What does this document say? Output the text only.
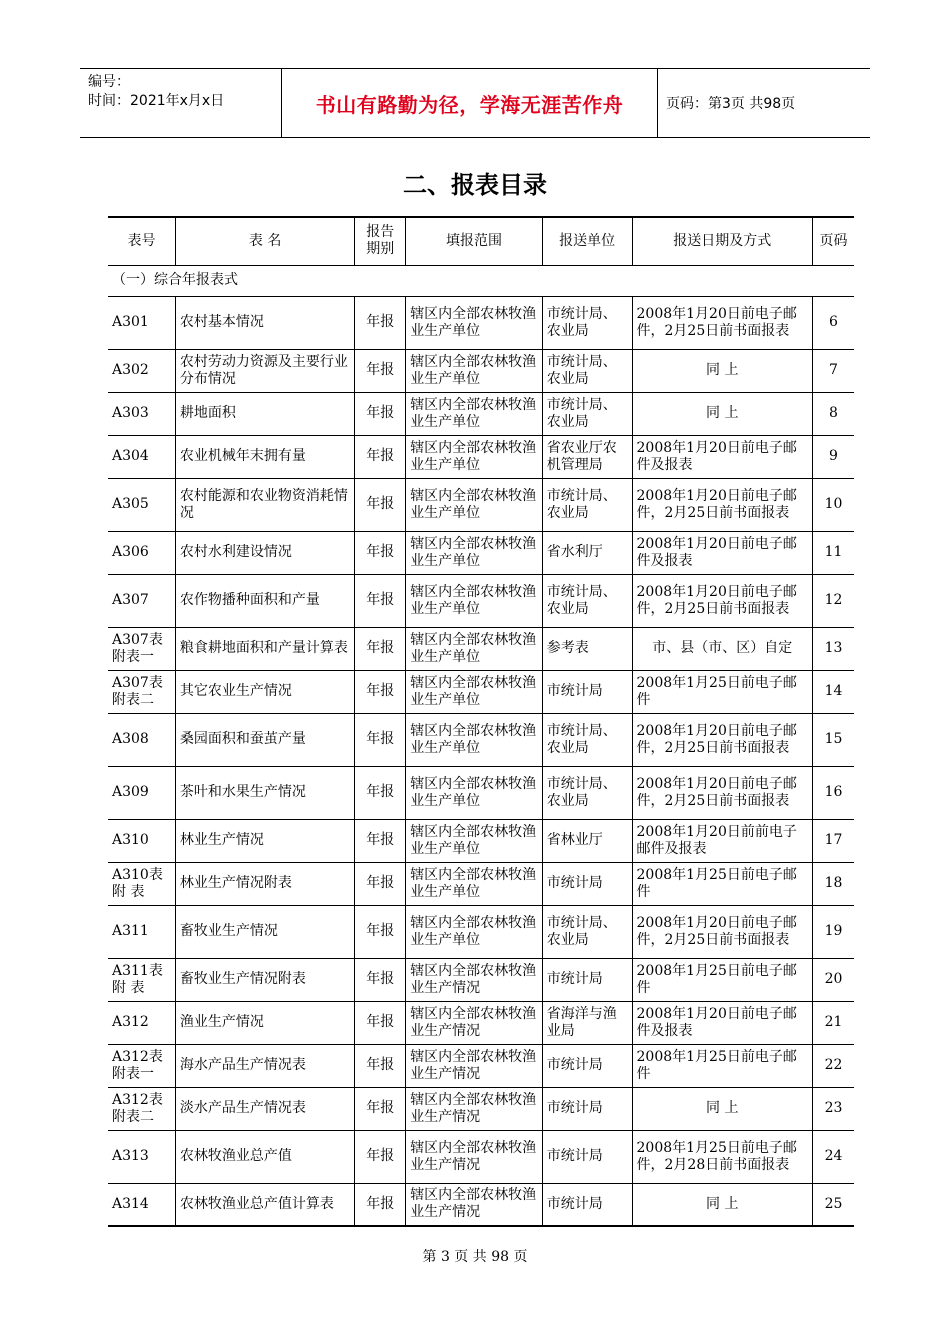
编号：
时间：2021年x月x日	书山有路勤为径，学海无涯苦作舟	页码：第3页 共98页
二、报表目录
表号	表 名	报告期别	填报范围	报送单位	报送日期及方式	页码
（一）综合年报表式						
A301	农村基本情况	年报	辖区内全部农林牧渔业生产单位	市统计局、农业局	2008年1月20日前电子邮件，2月25日前书面报表	6
A302	农村劳动力资源及主要行业分布情况	年报	辖区内全部农林牧渔业生产单位	市统计局、农业局	同 上	7
A303	耕地面积	年报	辖区内全部农林牧渔业生产单位	市统计局、农业局	同 上	8
A304	农业机械年末拥有量	年报	辖区内全部农林牧渔业生产单位	省农业厅农机管理局	2008年1月20日前电子邮件及报表	9
A305	农村能源和农业物资消耗情况	年报	辖区内全部农林牧渔业生产单位	市统计局、农业局	2008年1月20日前电子邮件，2月25日前书面报表	10
A306	农村水利建设情况	年报	辖区内全部农林牧渔业生产单位	省水利厅	2008年1月20日前电子邮件及报表	11
A307	农作物播种面积和产量	年报	辖区内全部农林牧渔业生产单位	市统计局、农业局	2008年1月20日前电子邮件，2月25日前书面报表	12
A307表附表一	粮食耕地面积和产量计算表	年报	辖区内全部农林牧渔业生产单位	参考表	市、县（市、区）自定	13
A307表附表二	其它农业生产情况	年报	辖区内全部农林牧渔业生产单位	市统计局	2008年1月25日前电子邮件	14
A308	桑园面积和蚕茧产量	年报	辖区内全部农林牧渔业生产单位	市统计局、农业局	2008年1月20日前电子邮件，2月25日前书面报表	15
A309	茶叶和水果生产情况	年报	辖区内全部农林牧渔业生产单位	市统计局、农业局	2008年1月20日前电子邮件，2月25日前书面报表	16
A310	林业生产情况	年报	辖区内全部农林牧渔业生产单位	省林业厅	2008年1月20日前前电子邮件及报表	17
A310表附 表	林业生产情况附表	年报	辖区内全部农林牧渔业生产单位	市统计局	2008年1月25日前电子邮件	18
A311	畜牧业生产情况	年报	辖区内全部农林牧渔业生产单位	市统计局、农业局	2008年1月20日前电子邮件，2月25日前书面报表	19
A311表附 表	畜牧业生产情况附表	年报	辖区内全部农林牧渔业生产情况	市统计局	2008年1月25日前电子邮件	20
A312	渔业生产情况	年报	辖区内全部农林牧渔业生产情况	省海洋与渔业局	2008年1月20日前电子邮件及报表	21
A312表附表一	海水产品生产情况表	年报	辖区内全部农林牧渔业生产情况	市统计局	2008年1月25日前电子邮件	22
A312表附表二	淡水产品生产情况表	年报	辖区内全部农林牧渔业生产情况	市统计局	同 上	23
A313	农林牧渔业总产值	年报	辖区内全部农林牧渔业生产情况	市统计局	2008年1月25日前电子邮件，2月28日前书面报表	24
A314	农林牧渔业总产值计算表	年报	辖区内全部农林牧渔业生产情况	市统计局	同 上	25
第 3 页 共 98 页
